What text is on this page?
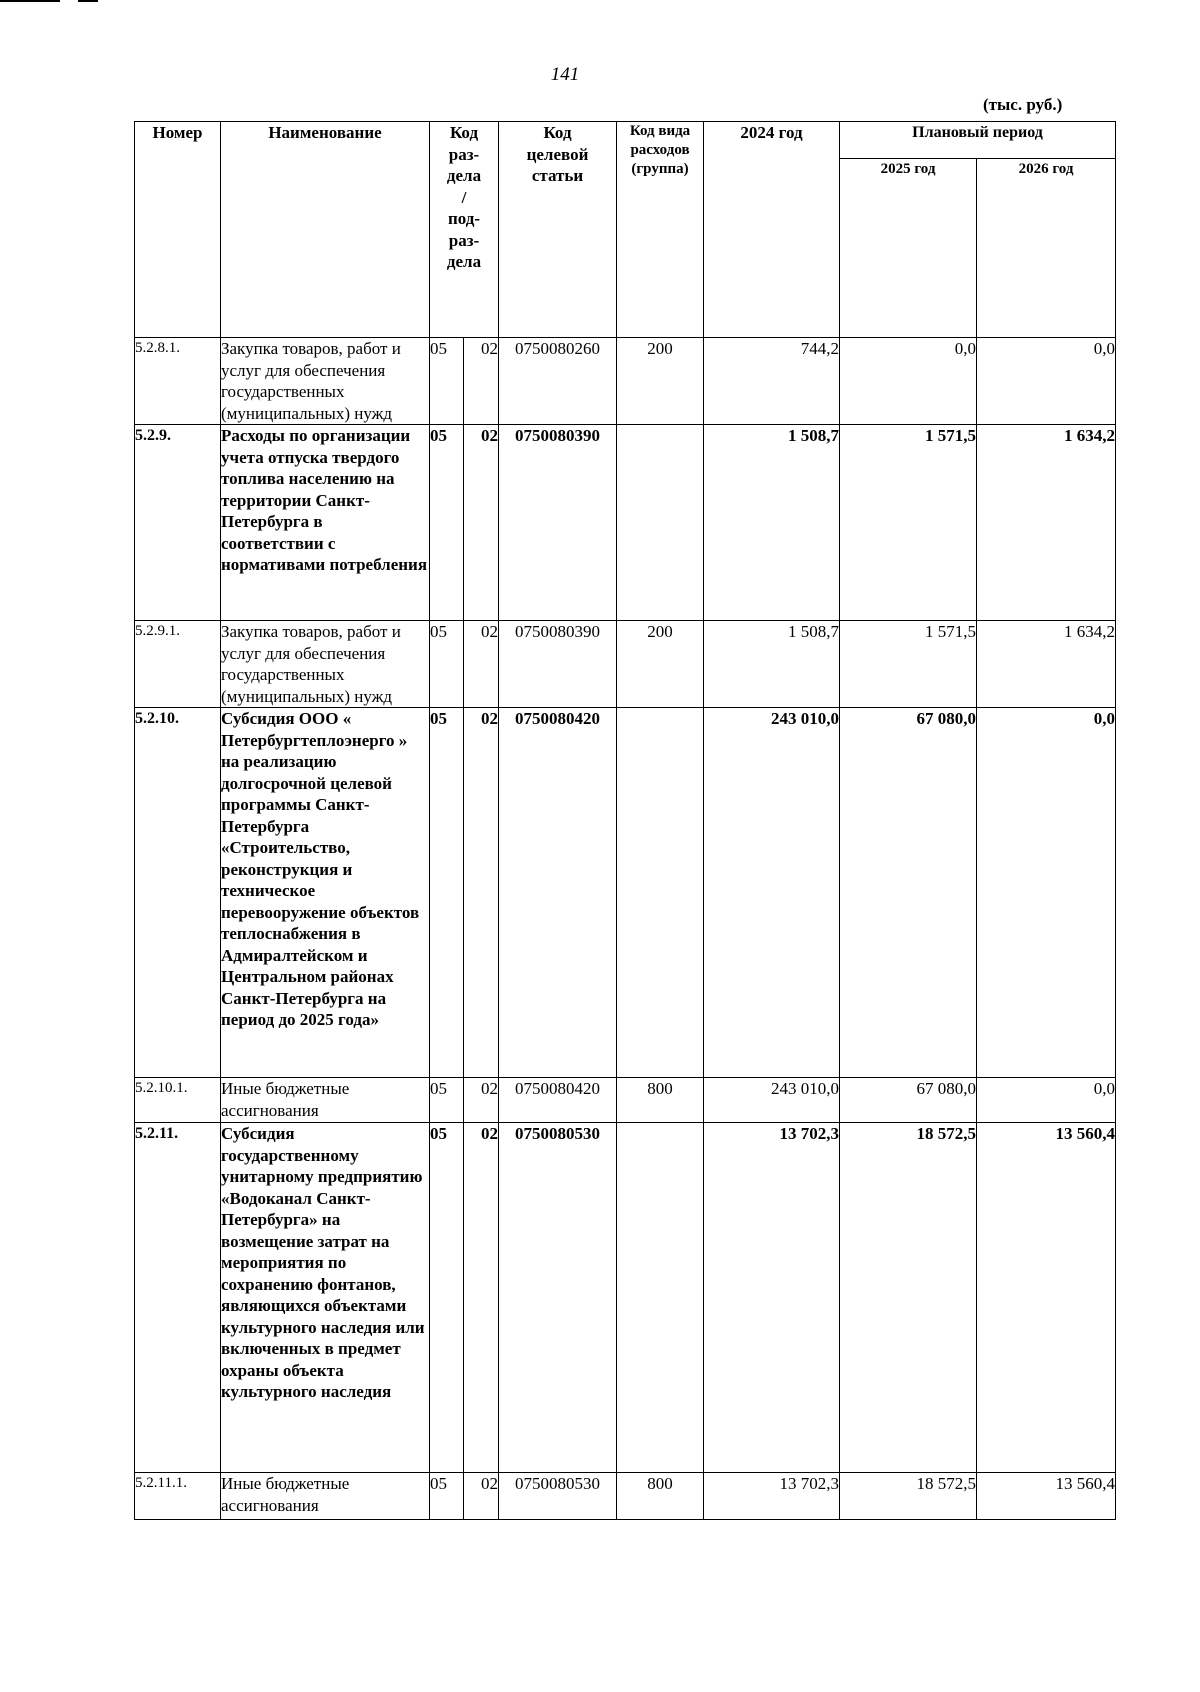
141
(тыс. руб.)
Номер	Наименование	Код раз-дела/ под-раз-дела		Код целевой статьи	Код вида расходов (группа)	2024 год	Плановый период	
							2025 год	2026 год
5.2.8.1.	Закупка товаров, работ и услуг для обеспечения государственных (муниципальных) нужд	05	02	0750080260	200	744,2	0,0	0,0
5.2.9.	Расходы по организации учета отпуска твердого топлива населению на территории Санкт-Петербурга в соответствии с нормативами потребления	05	02	0750080390		1 508,7	1 571,5	1 634,2
5.2.9.1.	Закупка товаров, работ и услуг для обеспечения государственных (муниципальных) нужд	05	02	0750080390	200	1 508,7	1 571,5	1 634,2
5.2.10.	Субсидия ООО « Петербургтеплоэнерго » на реализацию долгосрочной целевой программы Санкт-Петербурга «Строительство, реконструкция и техническое перевооружение объектов теплоснабжения в Адмиралтейском и Центральном районах Санкт-Петербурга на период до 2025 года»	05	02	0750080420		243 010,0	67 080,0	0,0
5.2.10.1.	Иные бюджетные ассигнования	05	02	0750080420	800	243 010,0	67 080,0	0,0
5.2.11.	Субсидия государственному унитарному предприятию «Водоканал Санкт-Петербурга» на возмещение затрат на мероприятия по сохранению фонтанов, являющихся объектами культурного наследия или включенных в предмет охраны объекта культурного наследия	05	02	0750080530		13 702,3	18 572,5	13 560,4
5.2.11.1.	Иные бюджетные ассигнования	05	02	0750080530	800	13 702,3	18 572,5	13 560,4
